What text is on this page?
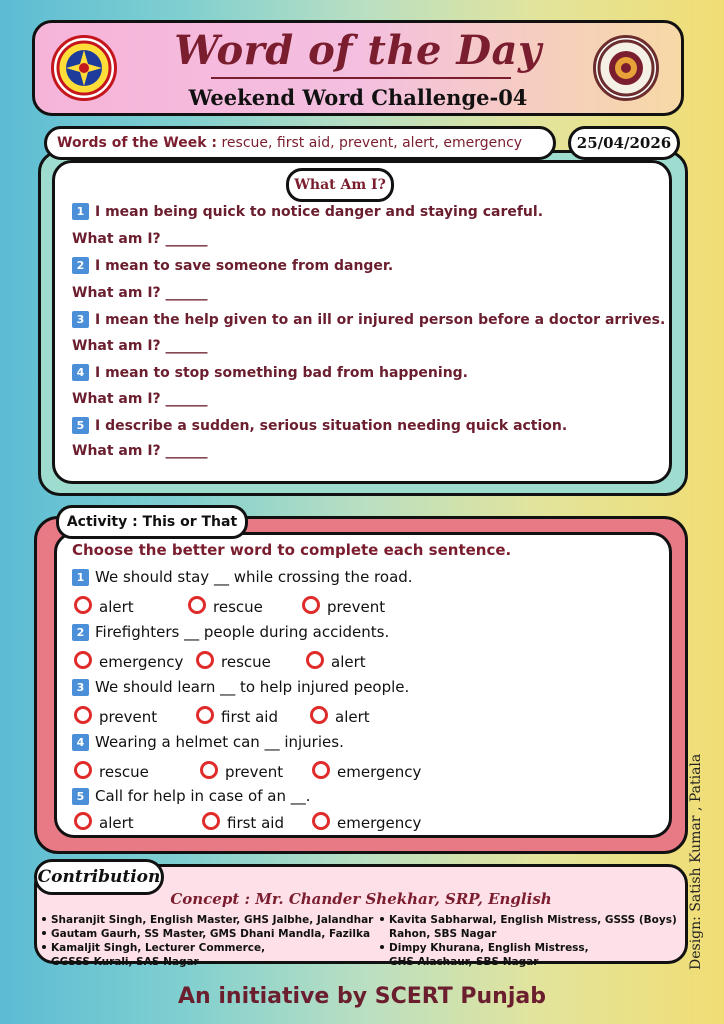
Word of the Day
Weekend Word Challenge-04
Words of the Week : rescue, first aid, prevent, alert, emergency	25/04/2026
What Am I?
1 I mean being quick to notice danger and staying careful.
What am I? ______
2 I mean to save someone from danger.
What am I? ______
3 I mean the help given to an ill or injured person before a doctor arrives.
What am I? ______
4 I mean to stop something bad from happening.
What am I? ______
5 I describe a sudden, serious situation needing quick action.
What am I? ______
Activity : This or That
Choose the better word to complete each sentence.
1 We should stay __ while crossing the road.
alert	rescue	prevent
2 Firefighters __ people during accidents.
emergency	rescue	alert
3 We should learn __ to help injured people.
prevent	first aid	alert
4 Wearing a helmet can __ injuries.
rescue	prevent	emergency
5 Call for help in case of an __.
alert	first aid	emergency
Contribution
Concept : Mr. Chander Shekhar, SRP, English
Sharanjit Singh, English Master, GHS Jalbhe, Jalandhar
Gautam Gaurh, SS Master, GMS Dhani Mandla, Fazilka
Kamaljit Singh, Lecturer Commerce,
GGSSS Kurali, SAS Nagar
Kavita Sabharwal, English Mistress, GSSS (Boys)
Rahon, SBS Nagar
Dimpy Khurana, English Mistress,
GHS Alachaur, SBS Nagar
An initiative by SCERT Punjab
Design: Satish Kumar , Patiala
